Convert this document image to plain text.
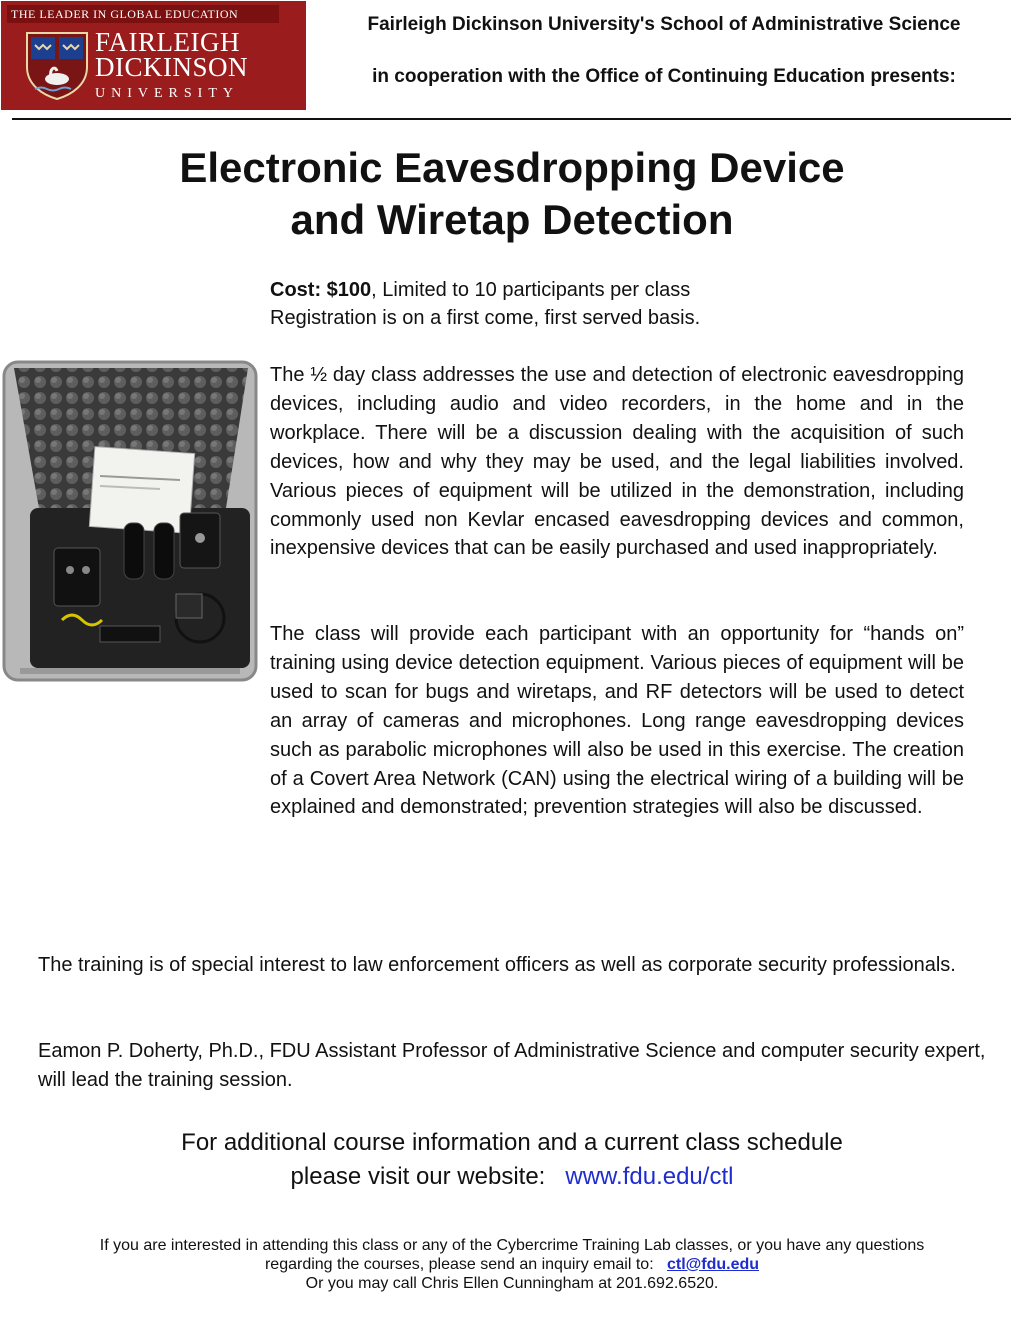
THE LEADER IN GLOBAL EDUCATION
FAIRLEIGH
DICKINSON
UNIVERSITY
Fairleigh Dickinson University's School of Administrative Science
in cooperation with the Office of Continuing Education presents:
Electronic Eavesdropping Device
and Wiretap Detection
Cost: $100, Limited to 10 participants per class
Registration is on a first come, first served basis.

The ½ day class addresses the use and detection of electronic eavesdropping devices, including audio and video recorders, in the home and in the workplace. There will be a discussion dealing with the acquisition of such devices, how and why they may be used, and the legal liabilities involved. Various pieces of equipment will be utilized in the demonstration, including commonly used non Kevlar encased eavesdropping devices and common, inexpensive devices that can be easily purchased and used inappropriately.

The class will provide each participant with an opportunity for “hands on” training using device detection equipment. Various pieces of equipment will be used to scan for bugs and wiretaps, and RF detectors will be used to detect an array of cameras and microphones. Long range eavesdropping devices such as parabolic microphones will also be used in this exercise. The creation of a Covert Area Network (CAN) using the electrical wiring of a building will be explained and demonstrated; prevention strategies will also be discussed.

The training is of special interest to law enforcement officers as well as corporate security professionals.

Eamon P. Doherty, Ph.D., FDU Assistant Professor of Administrative Science and computer security expert, will lead the training session.

For additional course information and a current class schedule
please visit our website: www.fdu.edu/ctl
If you are interested in attending this class or any of the Cybercrime Training Lab classes, or you have any questions
regarding the courses, please send an inquiry email to: ctl@fdu.edu
Or you may call Chris Ellen Cunningham at 201.692.6520.
